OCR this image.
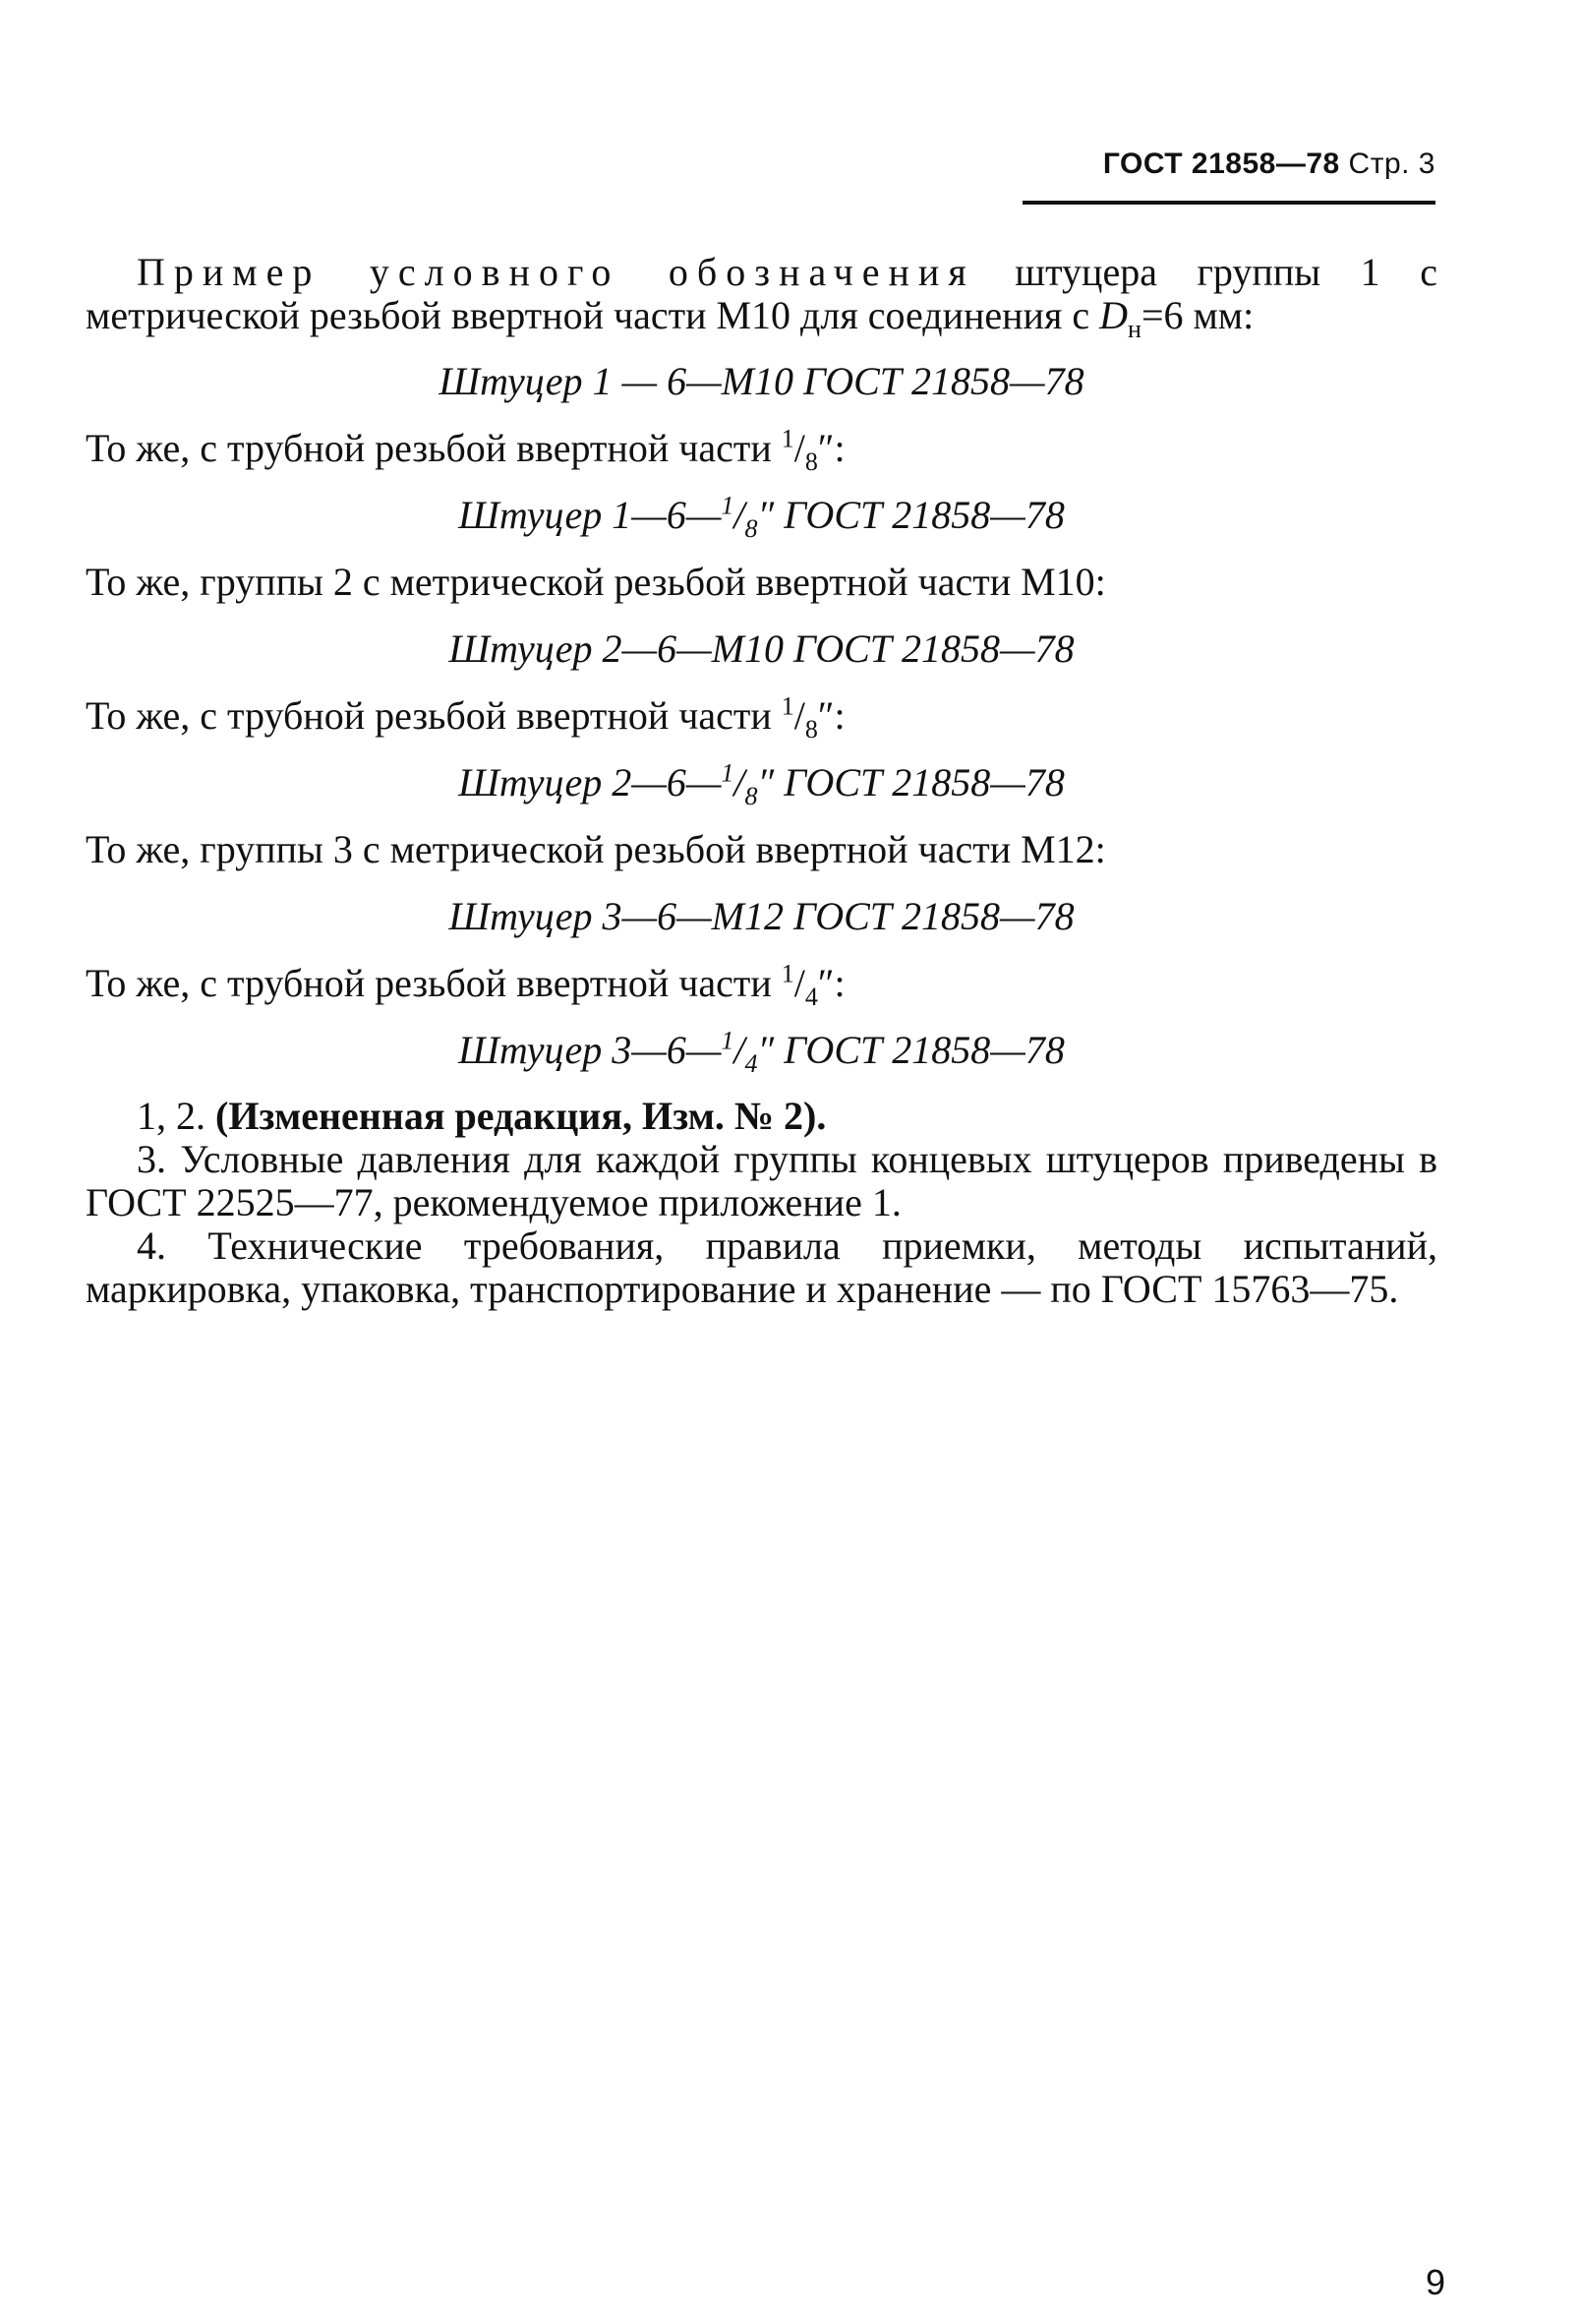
ГОСТ 21858—78 Стр. 3

Пример условного обозначения штуцера группы 1 с метрической резьбой ввертной части М10 для соединения с $D_н=6$ мм:

Штуцер 1 — 6—М10 ГОСТ 21858—78

То же, с трубной резьбой ввертной части $^1/_8''$:

Штуцер $1—6—^1/_8''$ ГОСТ 21858—78

То же, группы 2 с метрической резьбой ввертной части М10:

Штуцер 2—6—М10 ГОСТ 21858—78

То же, с трубной резьбой ввертной части $^1/_8''$:

Штуцер $2—6—^1/_8''$ ГОСТ 21858—78

То же, группы 3 с метрической резьбой ввертной части М12:

Штуцер 3—6—М12 ГОСТ 21858—78

То же, с трубной резьбой ввертной части $^1/_4''$:

Штуцер $3—6—^1/_4''$ ГОСТ 21858—78

1, 2. (Измененная редакция, Изм. № 2).

3. Условные давления для каждой группы концевых штуцеров приведены в ГОСТ 22525—77, рекомендуемое приложение 1.

4. Технические требования, правила приемки, методы испытаний, маркировка, упаковка, транспортирование и хранение — по ГОСТ 15763—75.

9
